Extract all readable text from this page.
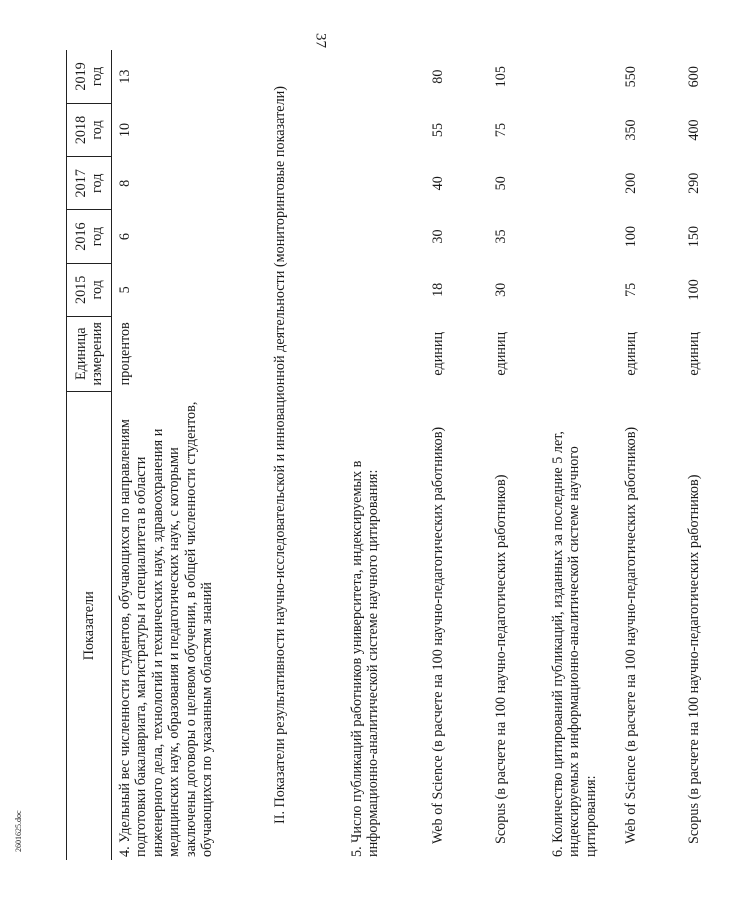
37
Показатели	Единица измерения	2015 год	2016 год	2017 год	2018 год	2019 год
4. Удельный вес численности студентов, обучающихся по направлениям подготовки бакалавриата, магистратуры и специалитета в области инженерного дела, технологий и технических наук, здравоохранения и медицинских наук, образования и педагогических наук, с которыми заключены договоры о целевом обучении, в общей численности студентов, обучающихся по указанным областям знаний	процентов	5	6	8	10	13
II. Показатели результативности научно-исследовательской и инновационной деятельности (мониторинговые показатели)						
5. Число публикаций работников университета, индексируемых в информационно-аналитической системе научного цитирования:						
Web of Science (в расчете на 100 научно-педагогических работников)	единиц	18	30	40	55	80
Scopus (в расчете на 100 научно-педагогических работников)	единиц	30	35	50	75	105
6. Количество цитирований публикаций, изданных за последние 5 лет, индексируемых в информационно-аналитической системе научного цитирования:						
Web of Science (в расчете на 100 научно-педагогических работников)	единиц	75	100	200	350	550
Scopus (в расчете на 100 научно-педагогических работников)	единиц	100	150	290	400	600
2601625.doc
